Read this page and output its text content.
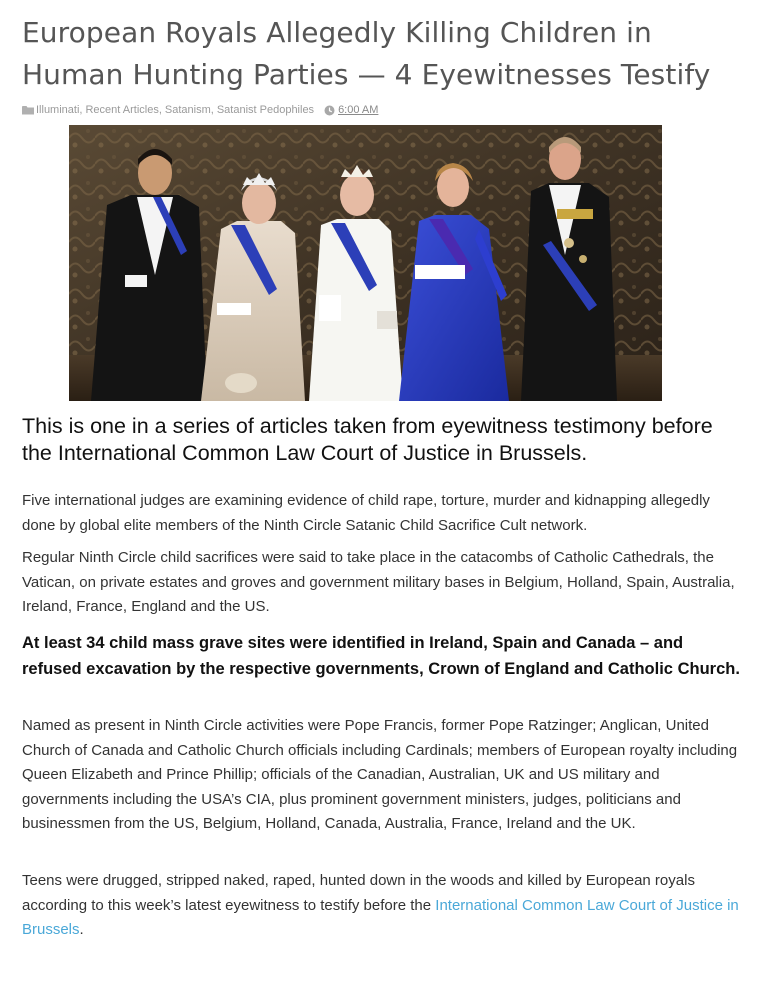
European Royals Allegedly Killing Children in Human Hunting Parties — 4 Eyewitnesses Testify
Illuminati , Recent Articles , Satanism , Satanist Pedophiles 6:00 AM

This is one in a series of articles taken from eyewitness testimony before the International Common Law Court of Justice in Brussels.

Five international judges are examining evidence of child rape, torture, murder and kidnapping allegedly done by global elite members of the Ninth Circle Satanic Child Sacrifice Cult network.

Regular Ninth Circle child sacrifices were said to take place in the catacombs of Catholic Cathedrals, the Vatican, on private estates and groves and government military bases in Belgium, Holland, Spain, Australia, Ireland, France, England and the US.

At least 34 child mass grave sites were identified in Ireland, Spain and Canada – and refused excavation by the respective governments, Crown of England and Catholic Church.

Named as present in Ninth Circle activities were Pope Francis, former Pope Ratzinger; Anglican, United Church of Canada and Catholic Church officials including Cardinals; members of European royalty including Queen Elizabeth and Prince Phillip; officials of the Canadian, Australian, UK and US military and governments including the USA’s CIA, plus prominent government ministers, judges, politicians and businessmen from the US, Belgium, Holland, Canada, Australia, France, Ireland and the UK.

Teens were drugged, stripped naked, raped, hunted down in the woods and killed by European royals according to this week’s latest eyewitness to testify before the International Common Law Court of Justice in Brussels.
